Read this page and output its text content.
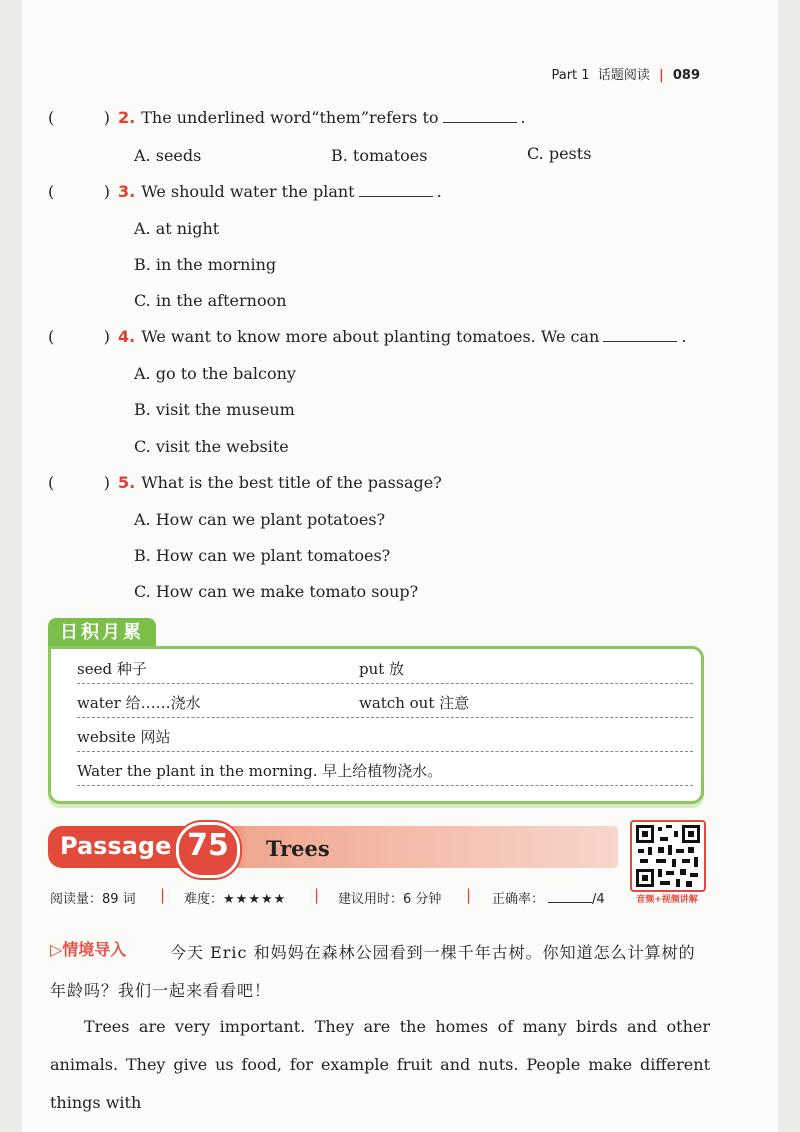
Part 1 话题阅读 | 089
(	) 2. The underlined word“them”refers to	.
A. seeds	B. tomatoes	C. pests
(	) 3. We should water the plant	.
A. at night
B. in the morning
C. in the afternoon
(	) 4. We want to know more about planting tomatoes. We can	.
A. go to the balcony
B. visit the museum
C. visit the website
(	) 5. What is the best title of the passage?
A. How can we plant potatoes?
B. How can we plant tomatoes?
C. How can we make tomato soup?
日积月累
seed 种子	put 放
water 给……浇水	watch out 注意
website 网站
Water the plant in the morning. 早上给植物浇水。
Passage 75	Trees
音频+视频讲解
阅读量：89 词 | 难度：★★★★★ | 建议用时：6 分钟 | 正确率：	/4
今天 Eric 和妈妈在森林公园看到一棵千年古树。你知道怎么计算树的年龄吗？我们一起来看看吧！
▷情境导入
Trees are very important. They are the homes of many birds and other animals. They give us food, for example fruit and nuts. People make different things with
